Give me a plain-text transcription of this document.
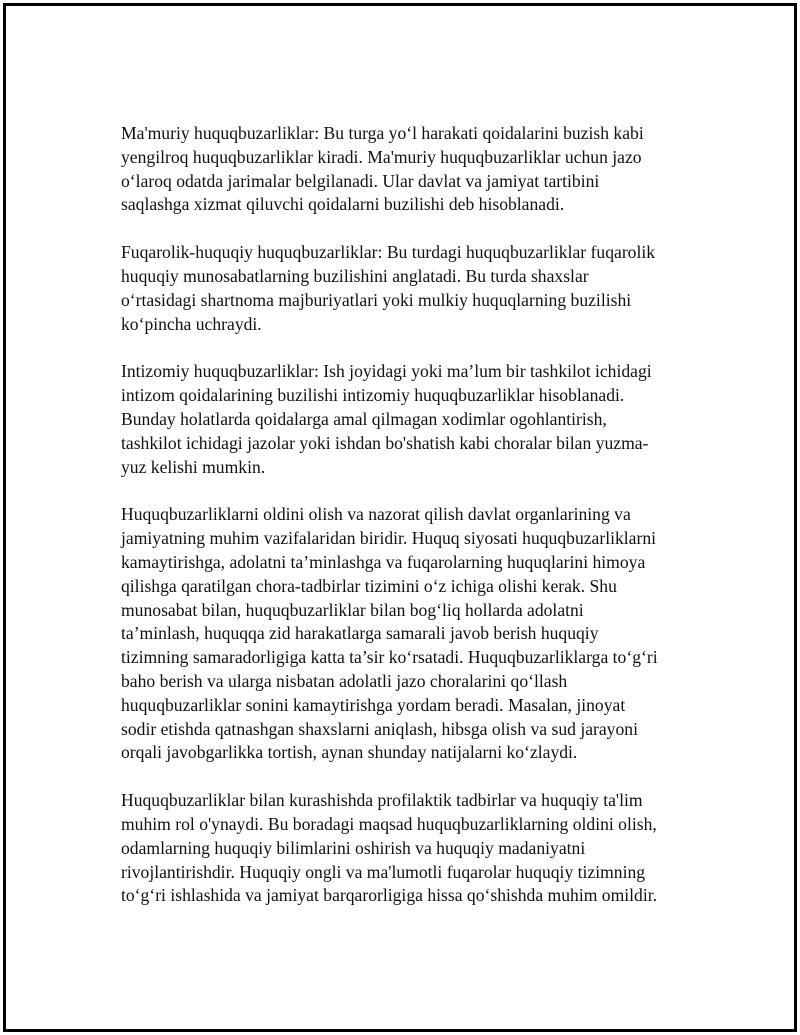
Ma'muriy huquqbuzarliklar: Bu turga yo‘l harakati qoidalarini buzish kabi
yengilroq huquqbuzarliklar kiradi. Ma'muriy huquqbuzarliklar uchun jazo
o‘laroq odatda jarimalar belgilanadi. Ular davlat va jamiyat tartibini
saqlashga xizmat qiluvchi qoidalarni buzilishi deb hisoblanadi.

Fuqarolik-huquqiy huquqbuzarliklar: Bu turdagi huquqbuzarliklar fuqarolik
huquqiy munosabatlarning buzilishini anglatadi. Bu turda shaxslar
o‘rtasidagi shartnoma majburiyatlari yoki mulkiy huquqlarning buzilishi
ko‘pincha uchraydi.

Intizomiy huquqbuzarliklar: Ish joyidagi yoki ma’lum bir tashkilot ichidagi
intizom qoidalarining buzilishi intizomiy huquqbuzarliklar hisoblanadi.
Bunday holatlarda qoidalarga amal qilmagan xodimlar ogohlantirish,
tashkilot ichidagi jazolar yoki ishdan bo'shatish kabi choralar bilan yuzma-
yuz kelishi mumkin.

Huquqbuzarliklarni oldini olish va nazorat qilish davlat organlarining va
jamiyatning muhim vazifalaridan biridir. Huquq siyosati huquqbuzarliklarni
kamaytirishga, adolatni ta’minlashga va fuqarolarning huquqlarini himoya
qilishga qaratilgan chora-tadbirlar tizimini o‘z ichiga olishi kerak. Shu
munosabat bilan, huquqbuzarliklar bilan bog‘liq hollarda adolatni
ta’minlash, huquqqa zid harakatlarga samarali javob berish huquqiy
tizimning samaradorligiga katta ta’sir ko‘rsatadi. Huquqbuzarliklarga to‘g‘ri
baho berish va ularga nisbatan adolatli jazo choralarini qo‘llash
huquqbuzarliklar sonini kamaytirishga yordam beradi. Masalan, jinoyat
sodir etishda qatnashgan shaxslarni aniqlash, hibsga olish va sud jarayoni
orqali javobgarlikka tortish, aynan shunday natijalarni ko‘zlaydi.

Huquqbuzarliklar bilan kurashishda profilaktik tadbirlar va huquqiy ta'lim
muhim rol o'ynaydi. Bu boradagi maqsad huquqbuzarliklarning oldini olish,
odamlarning huquqiy bilimlarini oshirish va huquqiy madaniyatni
rivojlantirishdir. Huquqiy ongli va ma'lumotli fuqarolar huquqiy tizimning
to‘g‘ri ishlashida va jamiyat barqarorligiga hissa qo‘shishda muhim omildir.
